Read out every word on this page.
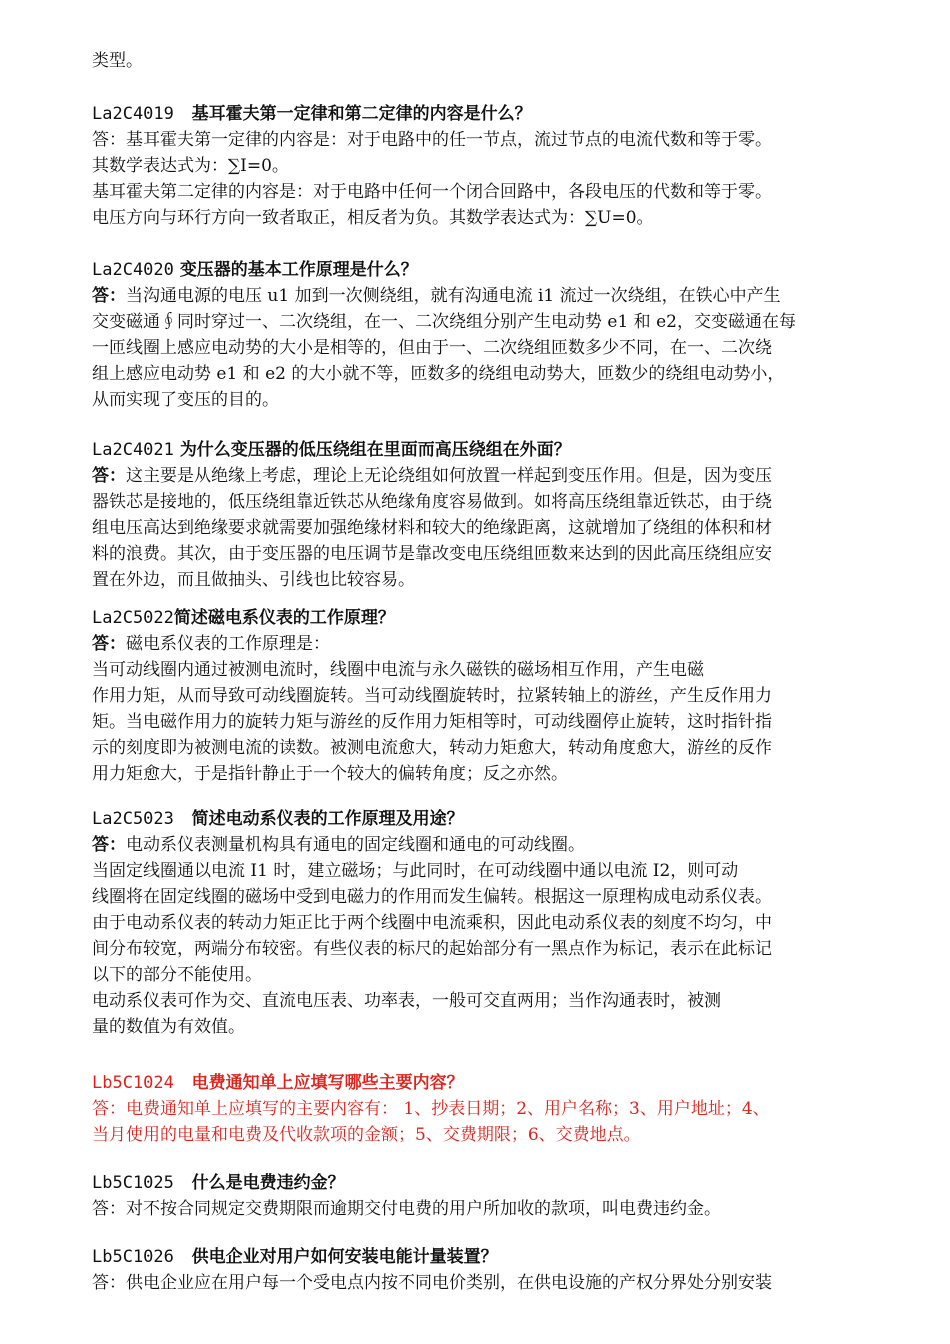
类型。
La2C4019 基耳霍夫第一定律和第二定律的内容是什么？
答：基耳霍夫第一定律的内容是：对于电路中的任一节点，流过节点的电流代数和等于零。
其数学表达式为：∑I=0。
基耳霍夫第二定律的内容是：对于电路中任何一个闭合回路中，各段电压的代数和等于零。
电压方向与环行方向一致者取正，相反者为负。其数学表达式为：∑U=0。
La2C4020 变压器的基本工作原理是什么？
答：当沟通电源的电压 u1 加到一次侧绕组，就有沟通电流 i1 流过一次绕组，在铁心中产生
交变磁通∮同时穿过一、二次绕组，在一、二次绕组分别产生电动势 e1 和 e2，交变磁通在每
一匝线圈上感应电动势的大小是相等的，但由于一、二次绕组匝数多少不同，在一、二次绕
组上感应电动势 e1 和 e2 的大小就不等，匝数多的绕组电动势大，匝数少的绕组电动势小，
从而实现了变压的目的。
La2C4021 为什么变压器的低压绕组在里面而高压绕组在外面？
答：这主要是从绝缘上考虑，理论上无论绕组如何放置一样起到变压作用。但是，因为变压
器铁芯是接地的，低压绕组靠近铁芯从绝缘角度容易做到。如将高压绕组靠近铁芯，由于绕
组电压高达到绝缘要求就需要加强绝缘材料和较大的绝缘距离，这就增加了绕组的体积和材
料的浪费。其次，由于变压器的电压调节是靠改变电压绕组匝数来达到的因此高压绕组应安
置在外边，而且做抽头、引线也比较容易。
La2C5022简述磁电系仪表的工作原理？
答：磁电系仪表的工作原理是：
当可动线圈内通过被测电流时，线圈中电流与永久磁铁的磁场相互作用，产生电磁
作用力矩，从而导致可动线圈旋转。当可动线圈旋转时，拉紧转轴上的游丝，产生反作用力
矩。当电磁作用力的旋转力矩与游丝的反作用力矩相等时，可动线圈停止旋转，这时指针指
示的刻度即为被测电流的读数。被测电流愈大，转动力矩愈大，转动角度愈大，游丝的反作
用力矩愈大，于是指针静止于一个较大的偏转角度；反之亦然。
La2C5023 简述电动系仪表的工作原理及用途？
答：电动系仪表测量机构具有通电的固定线圈和通电的可动线圈。
当固定线圈通以电流 I1 时，建立磁场；与此同时，在可动线圈中通以电流 I2，则可动
线圈将在固定线圈的磁场中受到电磁力的作用而发生偏转。根据这一原理构成电动系仪表。
由于电动系仪表的转动力矩正比于两个线圈中电流乘积，因此电动系仪表的刻度不均匀，中
间分布较宽，两端分布较密。有些仪表的标尺的起始部分有一黑点作为标记，表示在此标记
以下的部分不能使用。
电动系仪表可作为交、直流电压表、功率表，一般可交直两用；当作沟通表时，被测
量的数值为有效值。
Lb5C1024 电费通知单上应填写哪些主要内容？
答：电费通知单上应填写的主要内容有： 1、抄表日期；2、用户名称；3、用户地址；4、
当月使用的电量和电费及代收款项的金额；5、交费期限；6、交费地点。
Lb5C1025 什么是电费违约金？
答：对不按合同规定交费期限而逾期交付电费的用户所加收的款项，叫电费违约金。
Lb5C1026 供电企业对用户如何安装电能计量装置？
答：供电企业应在用户每一个受电点内按不同电价类别，在供电设施的产权分界处分别安装
